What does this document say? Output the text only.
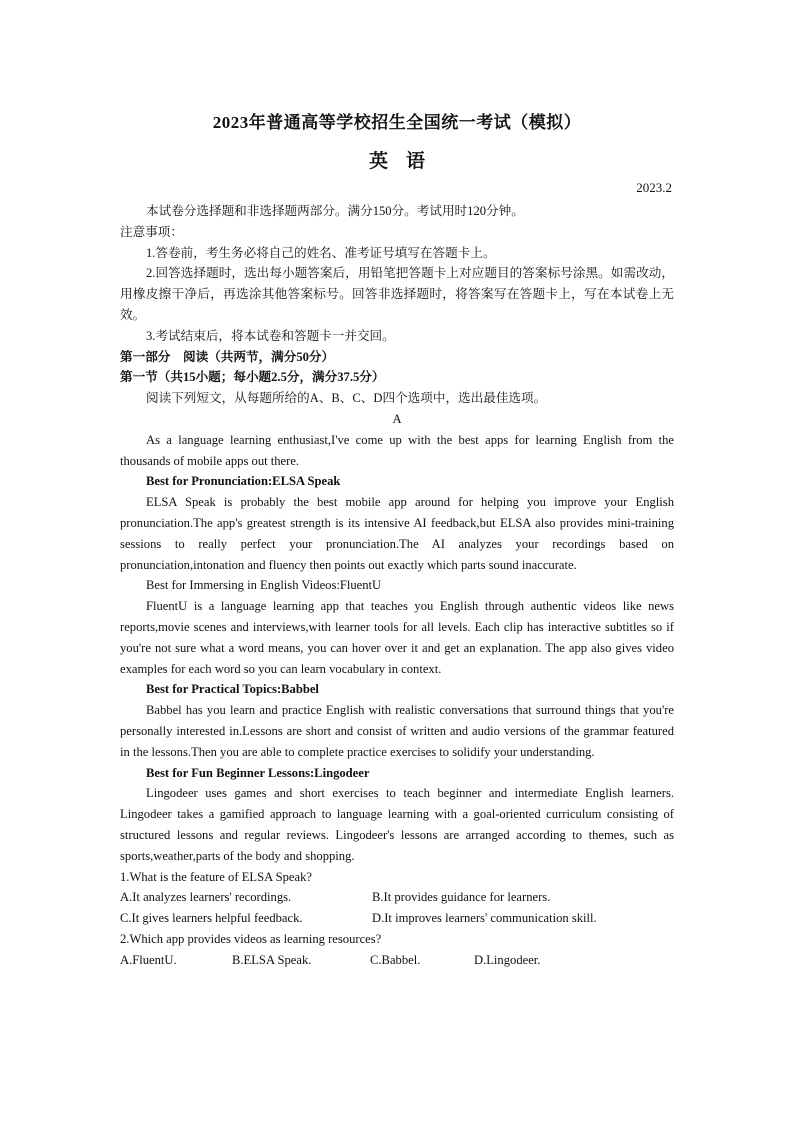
2023年普通高等学校招生全国统一考试（模拟）
英语
2023.2

本试卷分选择题和非选择题两部分。满分150分。考试用时120分钟。

注意事项：

1.答卷前，考生务必将自己的姓名、准考证号填写在答题卡上。

2.回答选择题时，选出每小题答案后，用铅笔把答题卡上对应题目的答案标号涂黑。如需改动，用橡皮擦干净后，再选涂其他答案标号。回答非选择题时，将答案写在答题卡上，写在本试卷上无效。

3.考试结束后，将本试卷和答题卡一并交回。

第一部分　阅读（共两节，满分50分）

第一节（共15小题；每小题2.5分，满分37.5分）

阅读下列短文，从每题所给的A、B、C、D四个选项中，选出最佳选项。

A

As a language learning enthusiast,I've come up with the best apps for learning English from the thousands of mobile apps out there.

Best for Pronunciation:ELSA Speak

ELSA Speak is probably the best mobile app around for helping you improve your English pronunciation.The app's greatest strength is its intensive AI feedback,but ELSA also provides mini-training sessions to really perfect your pronunciation.The AI analyzes your recordings based on pronunciation,intonation and fluency then points out exactly which parts sound inaccurate.

Best for Immersing in English Videos:FluentU

FluentU is a language learning app that teaches you English through authentic videos like news reports,movie scenes and interviews,with learner tools for all levels. Each clip has interactive subtitles so if you're not sure what a word means, you can hover over it and get an explanation. The app also gives video examples for each word so you can learn vocabulary in context.

Best for Practical Topics:Babbel

Babbel has you learn and practice English with realistic conversations that surround things that you're personally interested in.Lessons are short and consist of written and audio versions of the grammar featured in the lessons.Then you are able to complete practice exercises to solidify your understanding.

Best for Fun Beginner Lessons:Lingodeer

Lingodeer uses games and short exercises to teach beginner and intermediate English learners. Lingodeer takes a gamified approach to language learning with a goal-oriented curriculum consisting of structured lessons and regular reviews. Lingodeer's lessons are arranged according to themes, such as sports,weather,parts of the body and shopping.

1.What is the feature of ELSA Speak?

A.It analyzes learners' recordings.	B.It provides guidance for learners.
C.It gives learners helpful feedback.	D.It improves learners' communication skill.

2.Which app provides videos as learning resources?

A.FluentU.	B.ELSA Speak.	C.Babbel.	D.Lingodeer.
